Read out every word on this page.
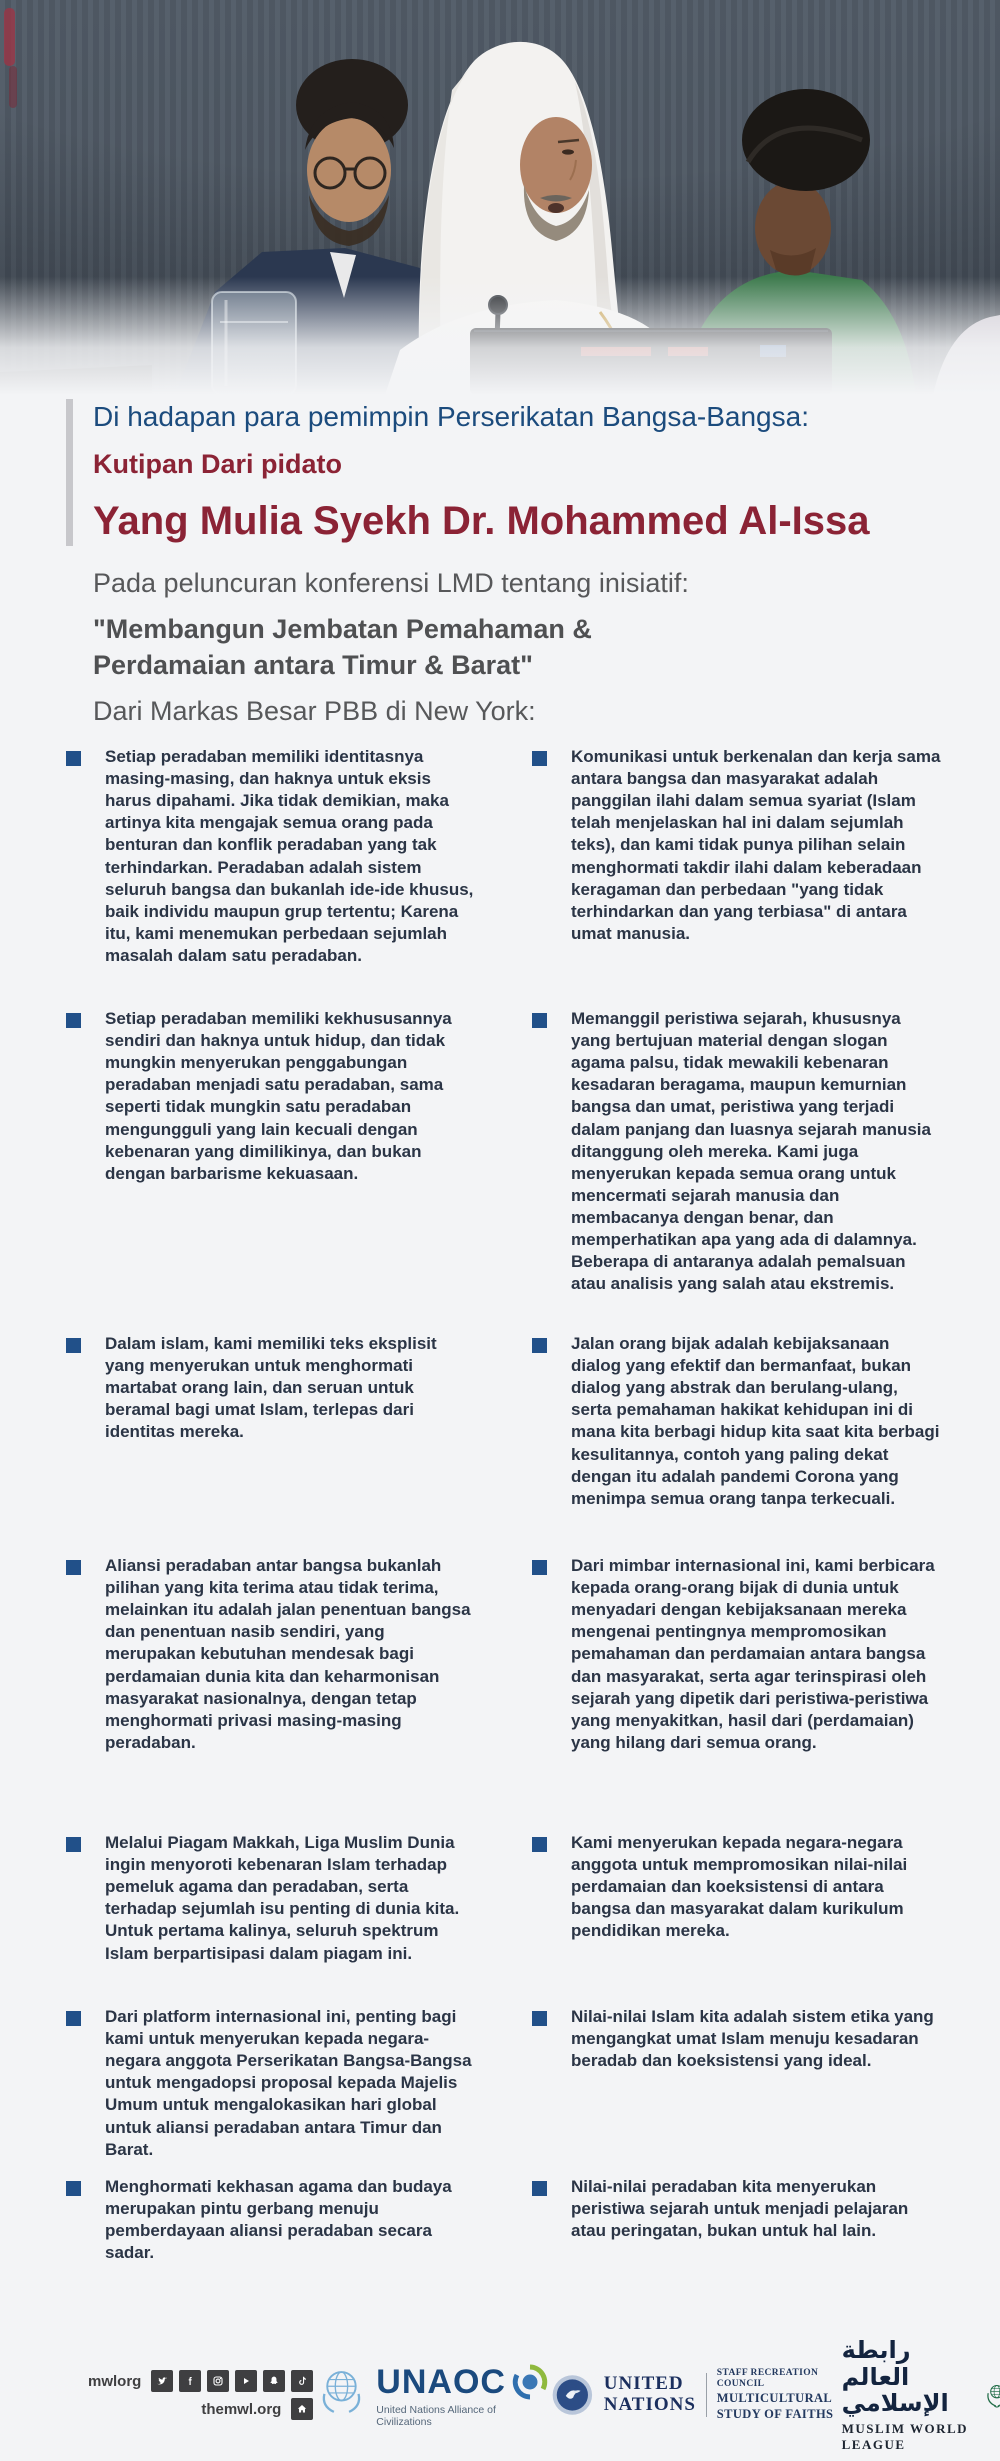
Di hadapan para pemimpin Perserikatan Bangsa-Bangsa:
Kutipan Dari pidato
Yang Mulia Syekh Dr. Mohammed Al-Issa
Pada peluncuran konferensi LMD tentang inisiatif:
"Membangun Jembatan Pemahaman & Perdamaian antara Timur & Barat"
Dari Markas Besar PBB di New York:

Setiap peradaban memiliki identitasnya masing-masing, dan haknya untuk eksis harus dipahami. Jika tidak demikian, maka artinya kita mengajak semua orang pada benturan dan konflik peradaban yang tak terhindarkan. Peradaban adalah sistem seluruh bangsa dan bukanlah ide-ide khusus, baik individu maupun grup tertentu; Karena itu, kami menemukan perbedaan sejumlah masalah dalam satu peradaban.

Komunikasi untuk berkenalan dan kerja sama antara bangsa dan masyarakat adalah panggilan ilahi dalam semua syariat (Islam telah menjelaskan hal ini dalam sejumlah teks), dan kami tidak punya pilihan selain menghormati takdir ilahi dalam keberadaan keragaman dan perbedaan "yang tidak terhindarkan dan yang terbiasa" di antara umat manusia.

Setiap peradaban memiliki kekhususannya sendiri dan haknya untuk hidup, dan tidak mungkin menyerukan penggabungan peradaban menjadi satu peradaban, sama seperti tidak mungkin satu peradaban mengungguli yang lain kecuali dengan kebenaran yang dimilikinya, dan bukan dengan barbarisme kekuasaan.

Memanggil peristiwa sejarah, khususnya yang bertujuan material dengan slogan agama palsu, tidak mewakili kebenaran kesadaran beragama, maupun kemurnian bangsa dan umat, peristiwa yang terjadi dalam panjang dan luasnya sejarah manusia ditanggung oleh mereka. Kami juga menyerukan kepada semua orang untuk mencermati sejarah manusia dan membacanya dengan benar, dan memperhatikan apa yang ada di dalamnya. Beberapa di antaranya adalah pemalsuan atau analisis yang salah atau ekstremis.

Dalam islam, kami memiliki teks eksplisit yang menyerukan untuk menghormati martabat orang lain, dan seruan untuk beramal bagi umat Islam, terlepas dari identitas mereka.

Jalan orang bijak adalah kebijaksanaan dialog yang efektif dan bermanfaat, bukan dialog yang abstrak dan berulang-ulang, serta pemahaman hakikat kehidupan ini di mana kita berbagi hidup kita saat kita berbagi kesulitannya, contoh yang paling dekat dengan itu adalah pandemi Corona yang menimpa semua orang tanpa terkecuali.

Aliansi peradaban antar bangsa bukanlah pilihan yang kita terima atau tidak terima, melainkan itu adalah jalan penentuan bangsa dan penentuan nasib sendiri, yang merupakan kebutuhan mendesak bagi perdamaian dunia kita dan keharmonisan masyarakat nasionalnya, dengan tetap menghormati privasi masing-masing peradaban.

Dari mimbar internasional ini, kami berbicara kepada orang-orang bijak di dunia untuk menyadari dengan kebijaksanaan mereka mengenai pentingnya mempromosikan pemahaman dan perdamaian antara bangsa dan masyarakat, serta agar terinspirasi oleh sejarah yang dipetik dari peristiwa-peristiwa yang menyakitkan, hasil dari (perdamaian) yang hilang dari semua orang.

Melalui Piagam Makkah, Liga Muslim Dunia ingin menyoroti kebenaran Islam terhadap pemeluk agama dan peradaban, serta terhadap sejumlah isu penting di dunia kita. Untuk pertama kalinya, seluruh spektrum Islam berpartisipasi dalam piagam ini.

Kami menyerukan kepada negara-negara anggota untuk mempromosikan nilai-nilai perdamaian dan koeksistensi di antara bangsa dan masyarakat dalam kurikulum pendidikan mereka.

Dari platform internasional ini, penting bagi kami untuk menyerukan kepada negara-negara anggota Perserikatan Bangsa-Bangsa untuk mengadopsi proposal kepada Majelis Umum untuk mengalokasikan hari global untuk aliansi peradaban antara Timur dan Barat.

Nilai-nilai Islam kita adalah sistem etika yang mengangkat umat Islam menuju kesadaran beradab dan koeksistensi yang ideal.

Menghormati kekhasan agama dan budaya merupakan pintu gerbang menuju pemberdayaan aliansi peradaban secara sadar.

Nilai-nilai peradaban kita menyerukan peristiwa sejarah untuk menjadi pelajaran atau peringatan, bukan untuk hal lain.

mwlorg
themwl.org
UNAOC
United Nations Alliance of Civilizations
UNITED
NATIONS
STAFF RECREATION COUNCIL
MULTICULTURAL
STUDY OF FAITHS
رابطة العالم الإسلامي
MUSLIM WORLD LEAGUE
